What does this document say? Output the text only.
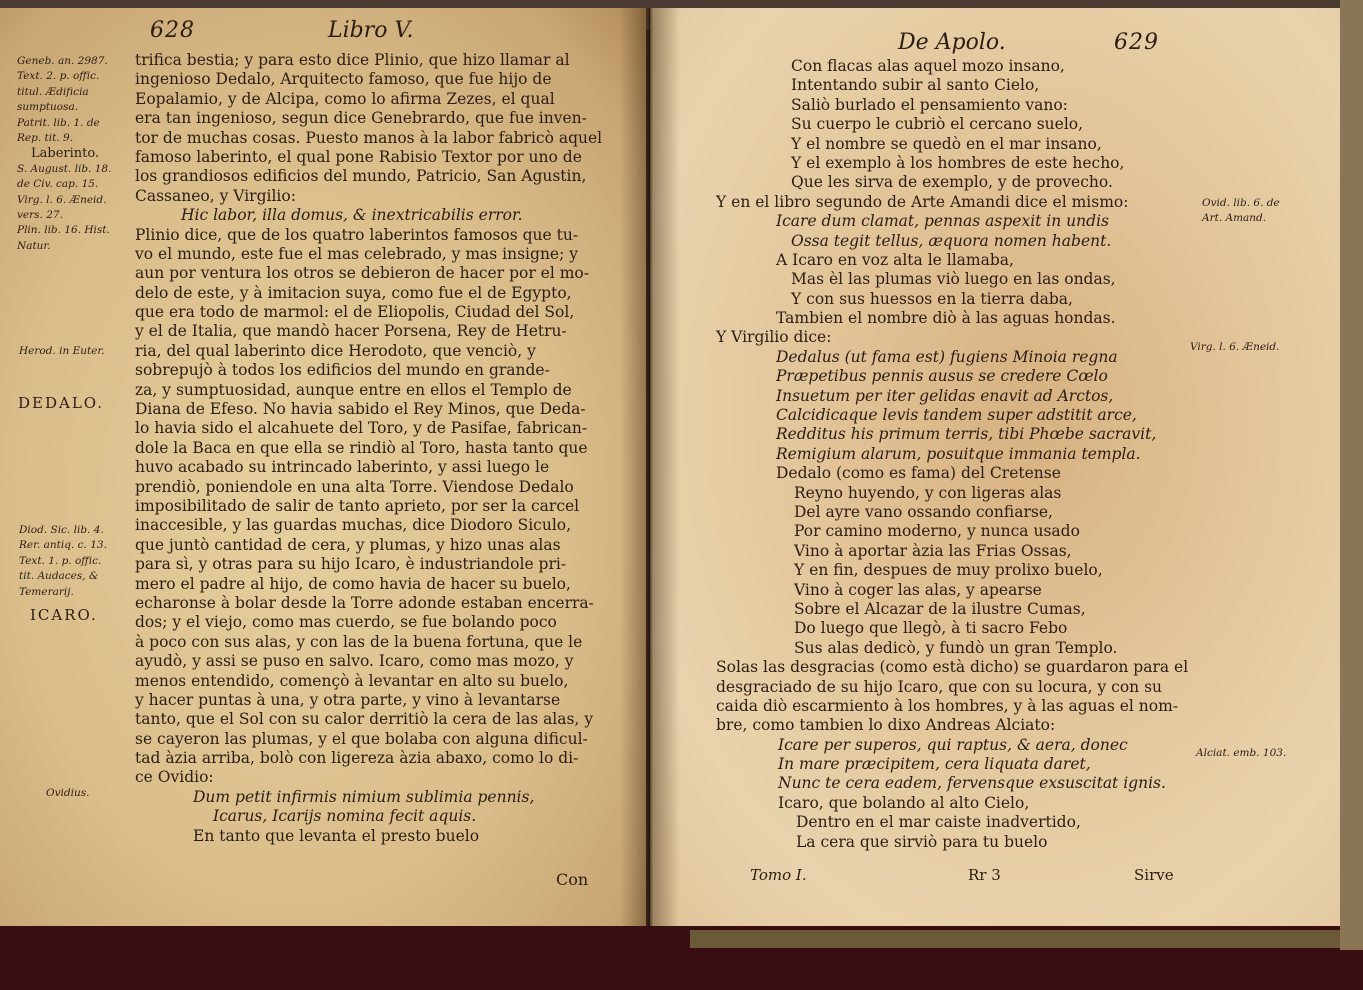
628	Libro V.
Geneb. an. 2987.
Text. 2. p. offic.
titul. Ædificia
sumptuosa.
Patrit. lib. 1. de
Rep. tit. 9.
Laberinto.
S. August. lib. 18.
de Civ. cap. 15.
Virg. l. 6. Æneid.
vers. 27.
Plin. lib. 16. Hist.
Natur.
Herod. in Euter.
DEDALO.
Diod. Sic. lib. 4.
Rer. antiq. c. 13.
Text. 1. p. offic.
tit. Audaces, &
Temerarij.
ICARO.
Ovidius.
trifica bestia; y para esto dice Plinio, que hizo llamar al
ingenioso Dedalo, Arquitecto famoso, que fue hijo de
Eopalamio, y de Alcipa, como lo afirma Zezes, el qual
era tan ingenioso, segun dice Genebrardo, que fue inven-
tor de muchas cosas. Puesto manos à la labor fabricò aquel
famoso laberinto, el qual pone Rabisio Textor por uno de
los grandiosos edificios del mundo, Patricio, San Agustin,
Cassaneo, y Virgilio:
Hic labor, illa domus, & inextricabilis error.
Plinio dice, que de los quatro laberintos famosos que tu-
vo el mundo, este fue el mas celebrado, y mas insigne; y
aun por ventura los otros se debieron de hacer por el mo-
delo de este, y à imitacion suya, como fue el de Egypto,
que era todo de marmol: el de Eliopolis, Ciudad del Sol,
y el de Italia, que mandò hacer Porsena, Rey de Hetru-
ria, del qual laberinto dice Herodoto, que venciò, y
sobrepujò à todos los edificios del mundo en grande-
za, y sumptuosidad, aunque entre en ellos el Templo de
Diana de Efeso. No havia sabido el Rey Minos, que Deda-
lo havia sido el alcahuete del Toro, y de Pasifae, fabrican-
dole la Baca en que ella se rindiò al Toro, hasta tanto que
huvo acabado su intrincado laberinto, y assi luego le
prendiò, poniendole en una alta Torre. Viendose Dedalo
imposibilitado de salir de tanto aprieto, por ser la carcel
inaccesible, y las guardas muchas, dice Diodoro Siculo,
que juntò cantidad de cera, y plumas, y hizo unas alas
para sì, y otras para su hijo Icaro, è industriandole pri-
mero el padre al hijo, de como havia de hacer su buelo,
echaronse à bolar desde la Torre adonde estaban encerra-
dos; y el viejo, como mas cuerdo, se fue bolando poco
à poco con sus alas, y con las de la buena fortuna, que le
ayudò, y assi se puso en salvo. Icaro, como mas mozo, y
menos entendido, començò à levantar en alto su buelo,
y hacer puntas à una, y otra parte, y vino à levantarse
tanto, que el Sol con su calor derritiò la cera de las alas, y
se cayeron las plumas, y el que bolaba con alguna dificul-
tad àzia arriba, bolò con ligereza àzia abaxo, como lo di-
ce Ovidio:
Dum petit infirmis nimium sublimia pennis,
Icarus, Icarijs nomina fecit aquis.
En tanto que levanta el presto buelo
Con
De Apolo.	629
Ovid. lib. 6. de
Art. Amand.
Virg. l. 6. Æneid.
Alciat. emb. 103.
Con flacas alas aquel mozo insano,
Intentando subir al santo Cielo,
Saliò burlado el pensamiento vano:
Su cuerpo le cubriò el cercano suelo,
Y el nombre se quedò en el mar insano,
Y el exemplo à los hombres de este hecho,
Que les sirva de exemplo, y de provecho.
Y en el libro segundo de Arte Amandi dice el mismo:
Icare dum clamat, pennas aspexit in undis
Ossa tegit tellus, æquora nomen habent.
A Icaro en voz alta le llamaba,
Mas èl las plumas viò luego en las ondas,
Y con sus huessos en la tierra daba,
Tambien el nombre diò à las aguas hondas.
Y Virgilio dice:
Dedalus (ut fama est) fugiens Minoia regna
Præpetibus pennis ausus se credere Cœlo
Insuetum per iter gelidas enavit ad Arctos,
Calcidicaque levis tandem super adstitit arce,
Redditus his primum terris, tibi Phœbe sacravit,
Remigium alarum, posuitque immania templa.
Dedalo (como es fama) del Cretense
Reyno huyendo, y con ligeras alas
Del ayre vano ossando confiarse,
Por camino moderno, y nunca usado
Vino à aportar àzia las Frias Ossas,
Y en fin, despues de muy prolixo buelo,
Vino à coger las alas, y apearse
Sobre el Alcazar de la ilustre Cumas,
Do luego que llegò, à ti sacro Febo
Sus alas dedicò, y fundò un gran Templo.
Solas las desgracias (como està dicho) se guardaron para el
desgraciado de su hijo Icaro, que con su locura, y con su
caida diò escarmiento à los hombres, y à las aguas el nom-
bre, como tambien lo dixo Andreas Alciato:
Icare per superos, qui raptus, & aera, donec
In mare præcipitem, cera liquata daret,
Nunc te cera eadem, fervensque exsuscitat ignis.
Icaro, que bolando al alto Cielo,
Dentro en el mar caiste inadvertido,
La cera que sirviò para tu buelo
Tomo I.	Rr 3	Sirve
